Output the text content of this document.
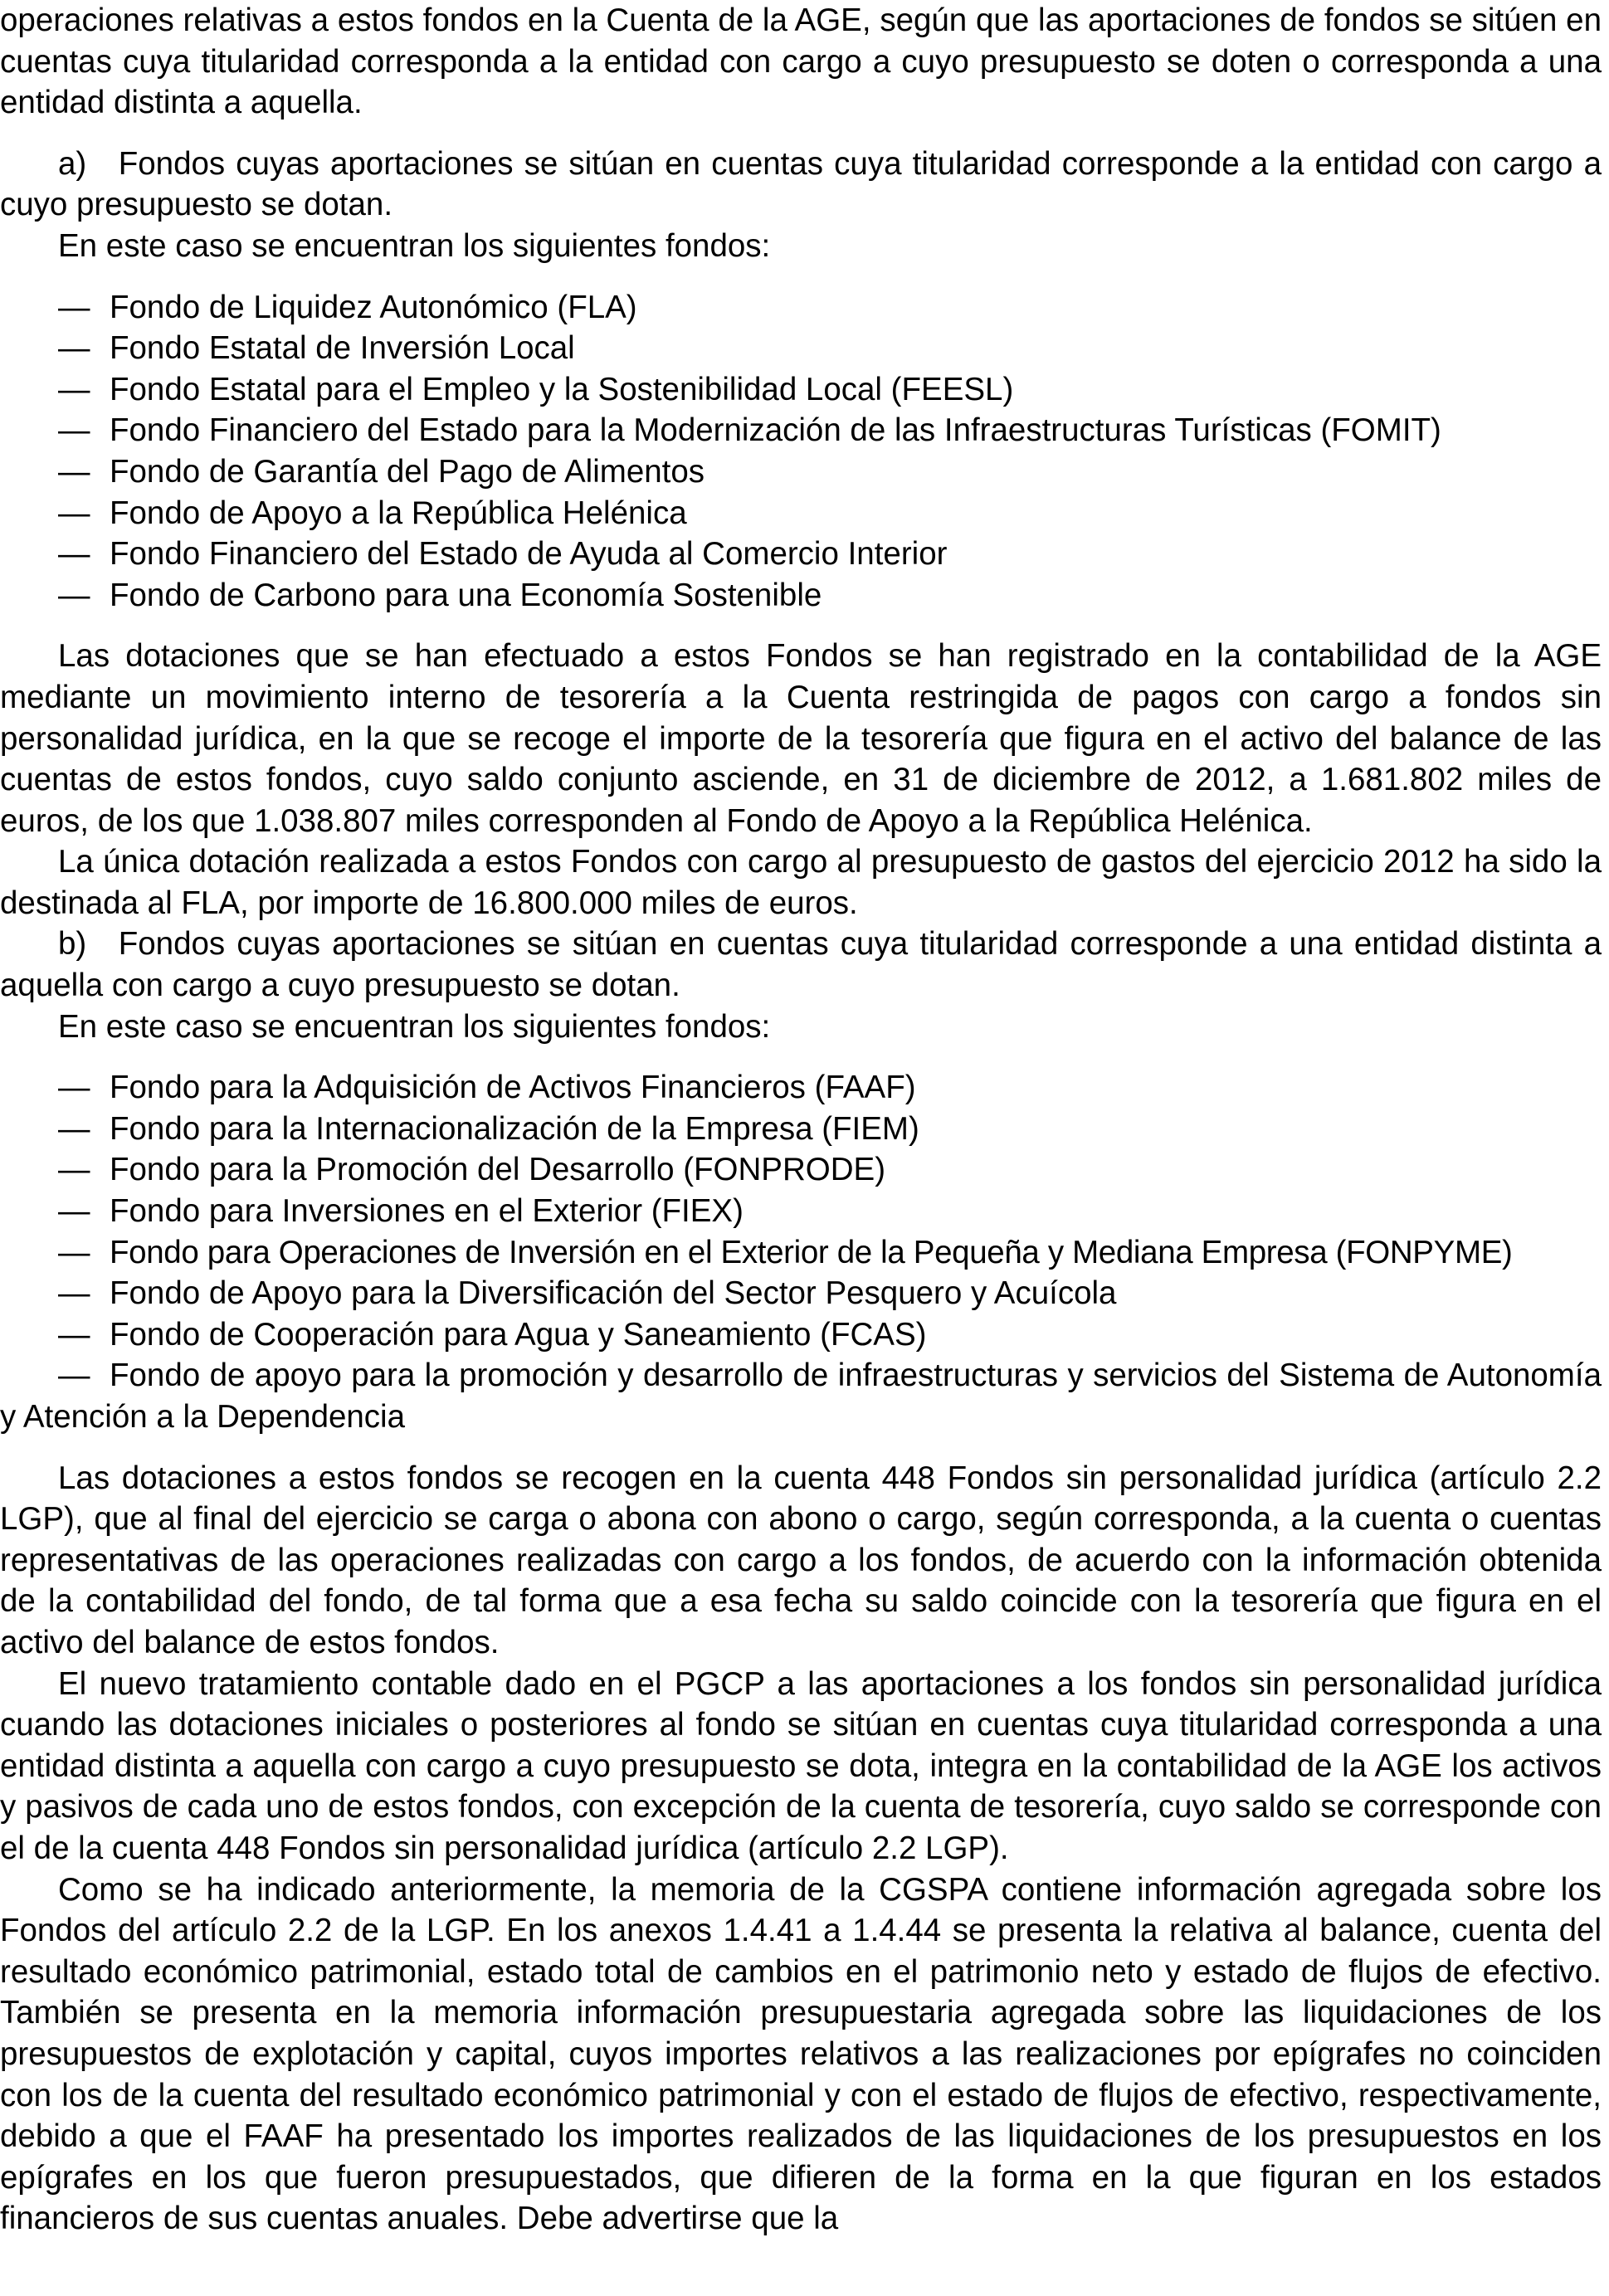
operaciones relativas a estos fondos en la Cuenta de la AGE, según que las aportaciones de fondos se sitúen en cuentas cuya titularidad corresponda a la entidad con cargo a cuyo presupuesto se doten o corresponda a una entidad distinta a aquella.

a) Fondos cuyas aportaciones se sitúan en cuentas cuya titularidad corresponde a la entidad con cargo a cuyo presupuesto se dotan.

En este caso se encuentran los siguientes fondos:

— Fondo de Liquidez Autonómico (FLA)
— Fondo Estatal de Inversión Local
— Fondo Estatal para el Empleo y la Sostenibilidad Local (FEESL)
— Fondo Financiero del Estado para la Modernización de las Infraestructuras Turísticas (FOMIT)
— Fondo de Garantía del Pago de Alimentos
— Fondo de Apoyo a la República Helénica
— Fondo Financiero del Estado de Ayuda al Comercio Interior
— Fondo de Carbono para una Economía Sostenible

Las dotaciones que se han efectuado a estos Fondos se han registrado en la contabilidad de la AGE mediante un movimiento interno de tesorería a la Cuenta restringida de pagos con cargo a fondos sin personalidad jurídica, en la que se recoge el importe de la tesorería que figura en el activo del balance de las cuentas de estos fondos, cuyo saldo conjunto asciende, en 31 de diciembre de 2012, a 1.681.802 miles de euros, de los que 1.038.807 miles corresponden al Fondo de Apoyo a la República Helénica.

La única dotación realizada a estos Fondos con cargo al presupuesto de gastos del ejercicio 2012 ha sido la destinada al FLA, por importe de 16.800.000 miles de euros.

b) Fondos cuyas aportaciones se sitúan en cuentas cuya titularidad corresponde a una entidad distinta a aquella con cargo a cuyo presupuesto se dotan.

En este caso se encuentran los siguientes fondos:

— Fondo para la Adquisición de Activos Financieros (FAAF)
— Fondo para la Internacionalización de la Empresa (FIEM)
— Fondo para la Promoción del Desarrollo (FONPRODE)
— Fondo para Inversiones en el Exterior (FIEX)
— Fondo para Operaciones de Inversión en el Exterior de la Pequeña y Mediana Empresa (FONPYME)
— Fondo de Apoyo para la Diversificación del Sector Pesquero y Acuícola
— Fondo de Cooperación para Agua y Saneamiento (FCAS)
— Fondo de apoyo para la promoción y desarrollo de infraestructuras y servicios del Sistema de Autonomía y Atención a la Dependencia

Las dotaciones a estos fondos se recogen en la cuenta 448 Fondos sin personalidad jurídica (artículo 2.2 LGP), que al final del ejercicio se carga o abona con abono o cargo, según corresponda, a la cuenta o cuentas representativas de las operaciones realizadas con cargo a los fondos, de acuerdo con la información obtenida de la contabilidad del fondo, de tal forma que a esa fecha su saldo coincide con la tesorería que figura en el activo del balance de estos fondos.

El nuevo tratamiento contable dado en el PGCP a las aportaciones a los fondos sin personalidad jurídica cuando las dotaciones iniciales o posteriores al fondo se sitúan en cuentas cuya titularidad corresponda a una entidad distinta a aquella con cargo a cuyo presupuesto se dota, integra en la contabilidad de la AGE los activos y pasivos de cada uno de estos fondos, con excepción de la cuenta de tesorería, cuyo saldo se corresponde con el de la cuenta 448 Fondos sin personalidad jurídica (artículo 2.2 LGP).

Como se ha indicado anteriormente, la memoria de la CGSPA contiene información agregada sobre los Fondos del artículo 2.2 de la LGP. En los anexos 1.4.41 a 1.4.44 se presenta la relativa al balance, cuenta del resultado económico patrimonial, estado total de cambios en el patrimonio neto y estado de flujos de efectivo. También se presenta en la memoria información presupuestaria agregada sobre las liquidaciones de los presupuestos de explotación y capital, cuyos importes relativos a las realizaciones por epígrafes no coinciden con los de la cuenta del resultado económico patrimonial y con el estado de flujos de efectivo, respectivamente, debido a que el FAAF ha presentado los importes realizados de las liquidaciones de los presupuestos en los epígrafes en los que fueron presupuestados, que difieren de la forma en la que figuran en los estados financieros de sus cuentas anuales. Debe advertirse que la
